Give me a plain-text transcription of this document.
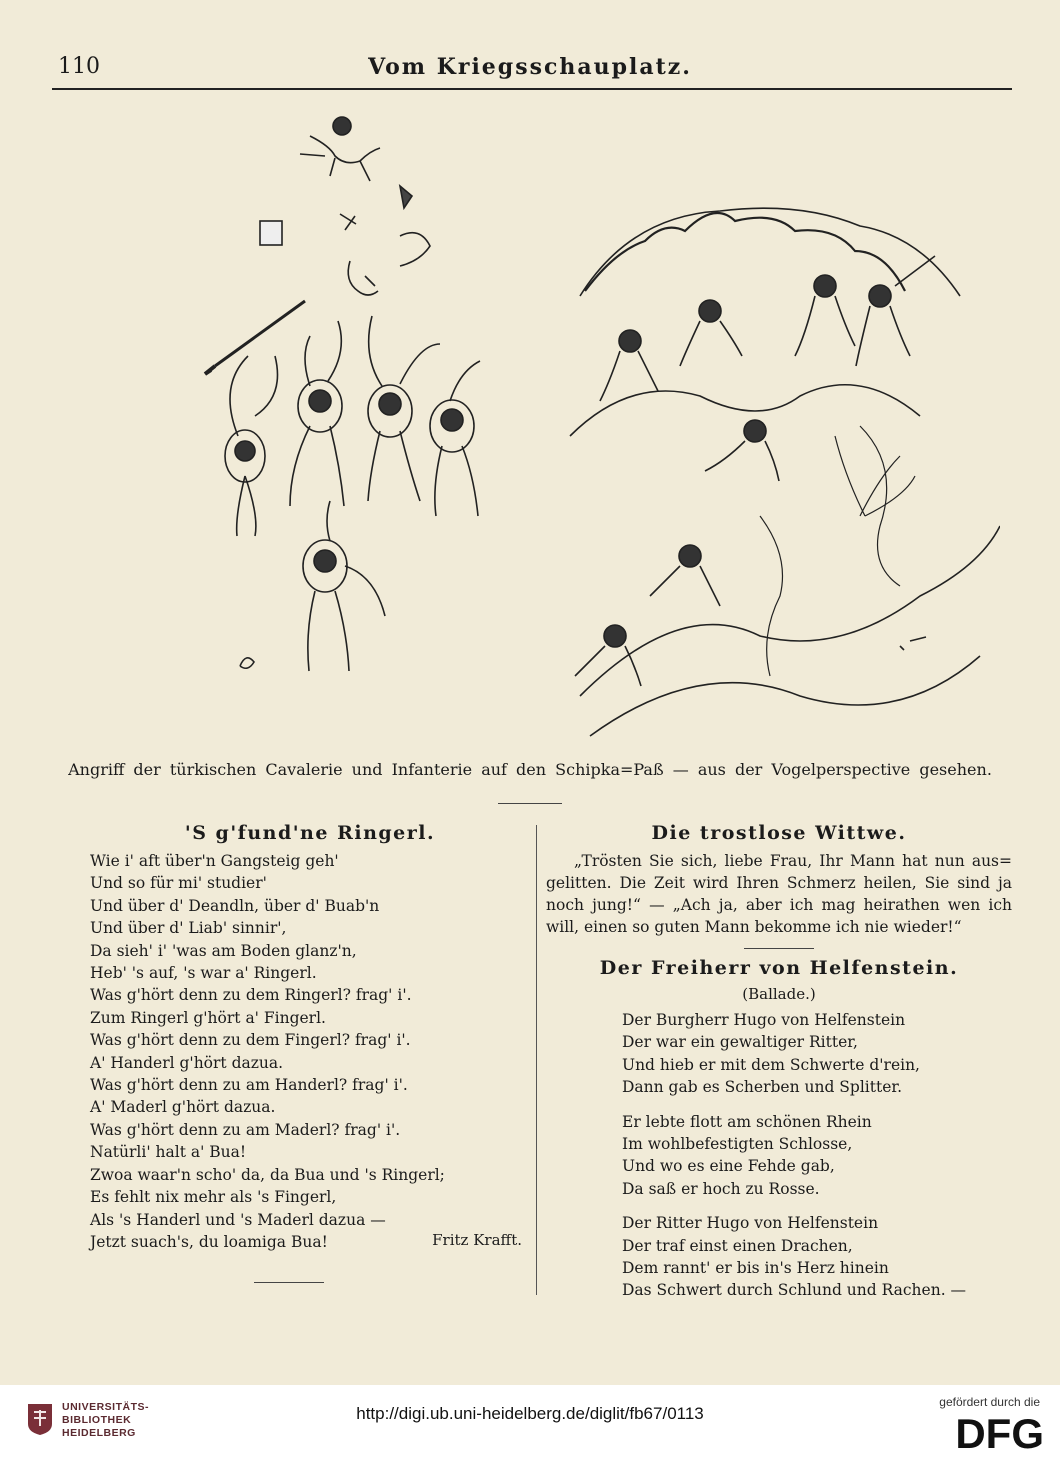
110	Vom Kriegsschauplatz.
Angriff der türkischen Cavalerie und Infanterie auf den Schipka=Paß — aus der Vogelperspective gesehen.
'S g'fund'ne Ringerl.

Wie i' aft über'n Gangsteig geh'

Und so für mi' studier'

Und über d' Deandln, über d' Buab'n

Und über d' Liab' sinnir',

Da sieh' i' 'was am Boden glanz'n,

Heb' 's auf, 's war a' Ringerl.

Was g'hört denn zu dem Ringerl? frag' i'.

Zum Ringerl g'hört a' Fingerl.

Was g'hört denn zu dem Fingerl? frag' i'.

A' Handerl g'hört dazua.

Was g'hört denn zu am Handerl? frag' i'.

A' Maderl g'hört dazua.

Was g'hört denn zu am Maderl? frag' i'.

Natürli' halt a' Bua!

Zwoa waar'n scho' da, da Bua und 's Ringerl;

Es fehlt nix mehr als 's Fingerl,

Als 's Handerl und 's Maderl dazua —

Jetzt suach's, du loamiga Bua!	Fritz Krafft.
Die trostlose Wittwe.

„Trösten Sie sich, liebe Frau, Ihr Mann hat nun aus= gelitten. Die Zeit wird Ihren Schmerz heilen, Sie sind ja noch jung!“ — „Ach ja, aber ich mag heirathen wen ich will, einen so guten Mann bekomme ich nie wieder!“

Der Freiherr von Helfenstein.
(Ballade.)

Der Burgherr Hugo von Helfenstein

Der war ein gewaltiger Ritter,

Und hieb er mit dem Schwerte d'rein,

Dann gab es Scherben und Splitter.

Er lebte flott am schönen Rhein

Im wohlbefestigten Schlosse,

Und wo es eine Fehde gab,

Da saß er hoch zu Rosse.

Der Ritter Hugo von Helfenstein

Der traf einst einen Drachen,

Dem rannt' er bis in's Herz hinein

Das Schwert durch Schlund und Rachen. —

UNIVERSITÄTS-
BIBLIOTHEK
HEIDELBERG
http://digi.ub.uni-heidelberg.de/diglit/fb67/0113
gefördert durch die
DFG
